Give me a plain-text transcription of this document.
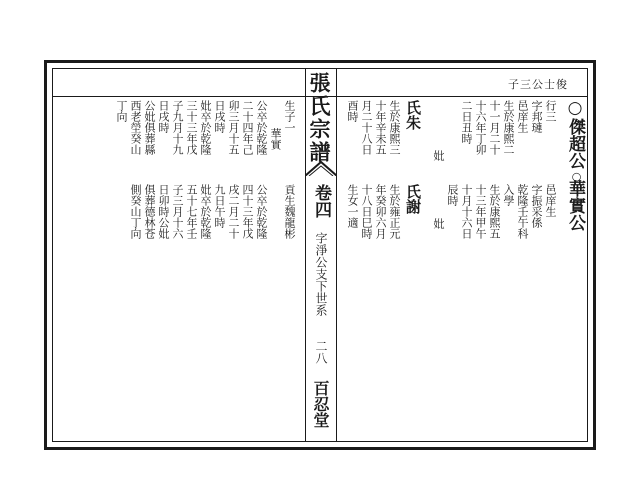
子三公士俊
張氏宗譜
卷四
字淨公支下世系
二八
百忍堂
○傑超公
○
華實公
行三
字邦璉
邑庠生
生於康熙二
十一月二十
十六年丁卯
二日丑時
邑庠生
字振采係
乾隆壬午科
入學
生於康熙五
十三年甲午
十月十六日
辰時
妣
妣
氏朱
氏謝
生於康熙三
十年辛未五
月二十八日
酉時
生於雍正元
年癸卯六月
十八日巳時
生女一適
生子一
華實
公卒於乾隆
二十四年己
卯三月十五
日戌時
妣卒於乾隆
三十三年戊
子九月十九
日戌時
公妣俱葬縣
西老塋癸山
丁向
貢生魏龍彬
公卒於乾隆
四十三年戊
戌二月二十
九日午時
妣卒於乾隆
五十七年壬
子三月十六
日卯時公妣
俱葬德林苍
側癸山丁向
